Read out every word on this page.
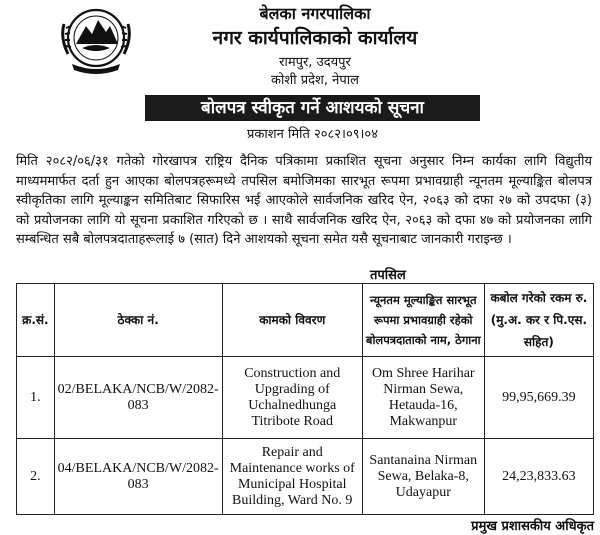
बेलका नगरपालिका
नगर कार्यपालिकाको कार्यालय
रामपुर, उदयपुर
कोशी प्रदेश, नेपाल
बोलपत्र स्वीकृत गर्ने आशयको सूचना
प्रकाशन मिति २०८२।०९।०४
मिति २०८२/०६/३१ गतेको गोरखापत्र राष्ट्रिय दैनिक पत्रिकामा प्रकाशित सूचना अनुसार निम्न कार्यका लागि विद्युतीय माध्यममार्फत दर्ता हुन आएका बोलपत्रहरूमध्ये तपसिल बमोजिमका सारभूत रूपमा प्रभावग्राही न्यूनतम मूल्याङ्कित बोलपत्र स्वीकृतिका लागि मूल्याङ्कन समितिबाट सिफारिस भई आएकोले सार्वजनिक खरिद ऐन, २०६३ को दफा २७ को उपदफा (३) को प्रयोजनका लागि यो सूचना प्रकाशित गरिएको छ । साथै सार्वजनिक खरिद ऐन, २०६३ को दफा ४७ को प्रयोजनका लागि सम्बन्धित सबै बोलपत्रदाताहरूलाई ७ (सात) दिने आशयको सूचना समेत यसै सूचनाबाट जानकारी गराइन्छ ।
तपसिल
क्र.सं.	ठेक्का नं.	कामको विवरण	न्यूनतम मूल्याङ्कित सारभूत रूपमा प्रभावग्राही रहेको बोलपत्रदाताको नाम, ठेगाना	कबोल गरेको रकम रु. (मु.अ. कर र पि.एस. सहित)
1.	02/BELAKA/NCB/W/2082-083	Construction and Upgrading of Uchalnedhunga Titribote Road	Om Shree Harihar Nirman Sewa, Hetauda-16, Makwanpur	99,95,669.39
2.	04/BELAKA/NCB/W/2082-083	Repair and Maintenance works of Municipal Hospital Building, Ward No. 9	Santanaina Nirman Sewa, Belaka-8, Udayapur	24,23,833.63
प्रमुख प्रशासकीय अधिकृत
